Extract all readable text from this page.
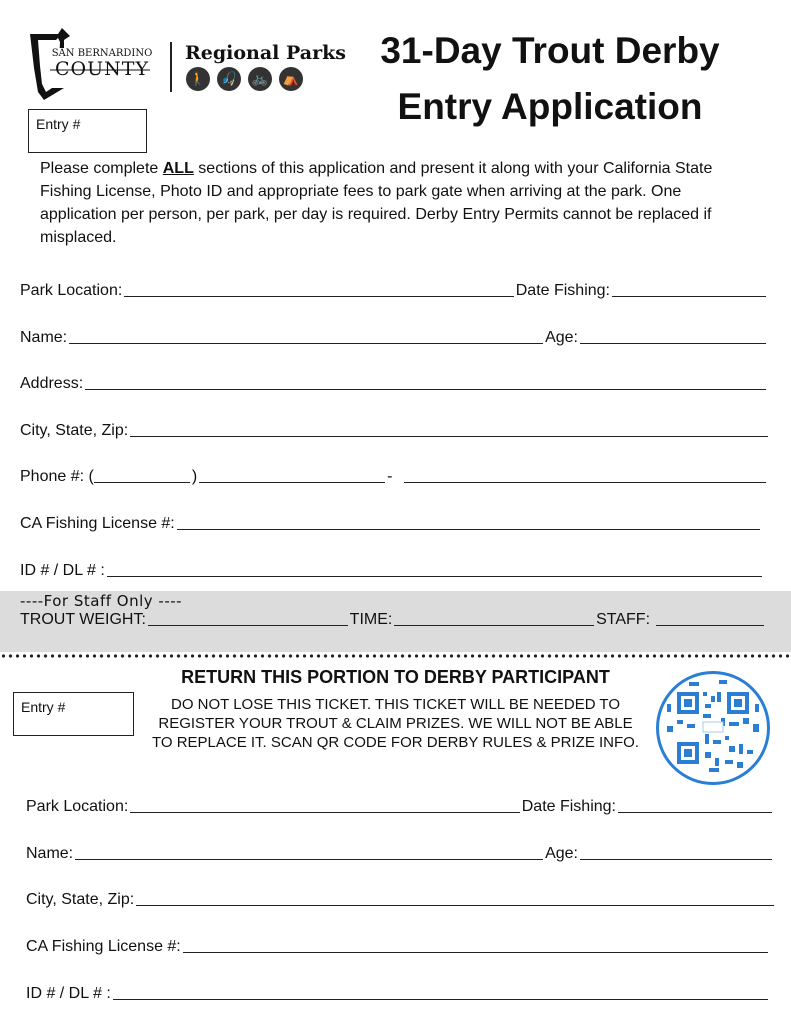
SAN BERNARDINO
COUNTY
Regional Parks
🚶	🎣	🚲	⛺
31-Day Trout Derby
Entry Application
Entry #
Please complete ALL sections of this application and present it along with your California State Fishing License, Photo ID and appropriate fees to park gate when arriving at the park. One application per person, per park, per day is required. Derby Entry Permits cannot be replaced if misplaced.
Park Location:	Date Fishing:
Name:	Age:
Address:
City, State, Zip:
Phone #: (	)	-
CA Fishing License #:
ID # / DL # :
----For Staff Only ----
TROUT WEIGHT:	TIME:	STAFF:
RETURN THIS PORTION TO DERBY PARTICIPANT
Entry #	DO NOT LOSE THIS TICKET. THIS TICKET WILL BE NEEDED TO REGISTER YOUR TROUT & CLAIM PRIZES. WE WILL NOT BE ABLE TO REPLACE IT. SCAN QR CODE FOR DERBY RULES & PRIZE INFO.
Park Location:	Date Fishing:
Name:	Age:
City, State, Zip:
CA Fishing License #:
ID # / DL # :
